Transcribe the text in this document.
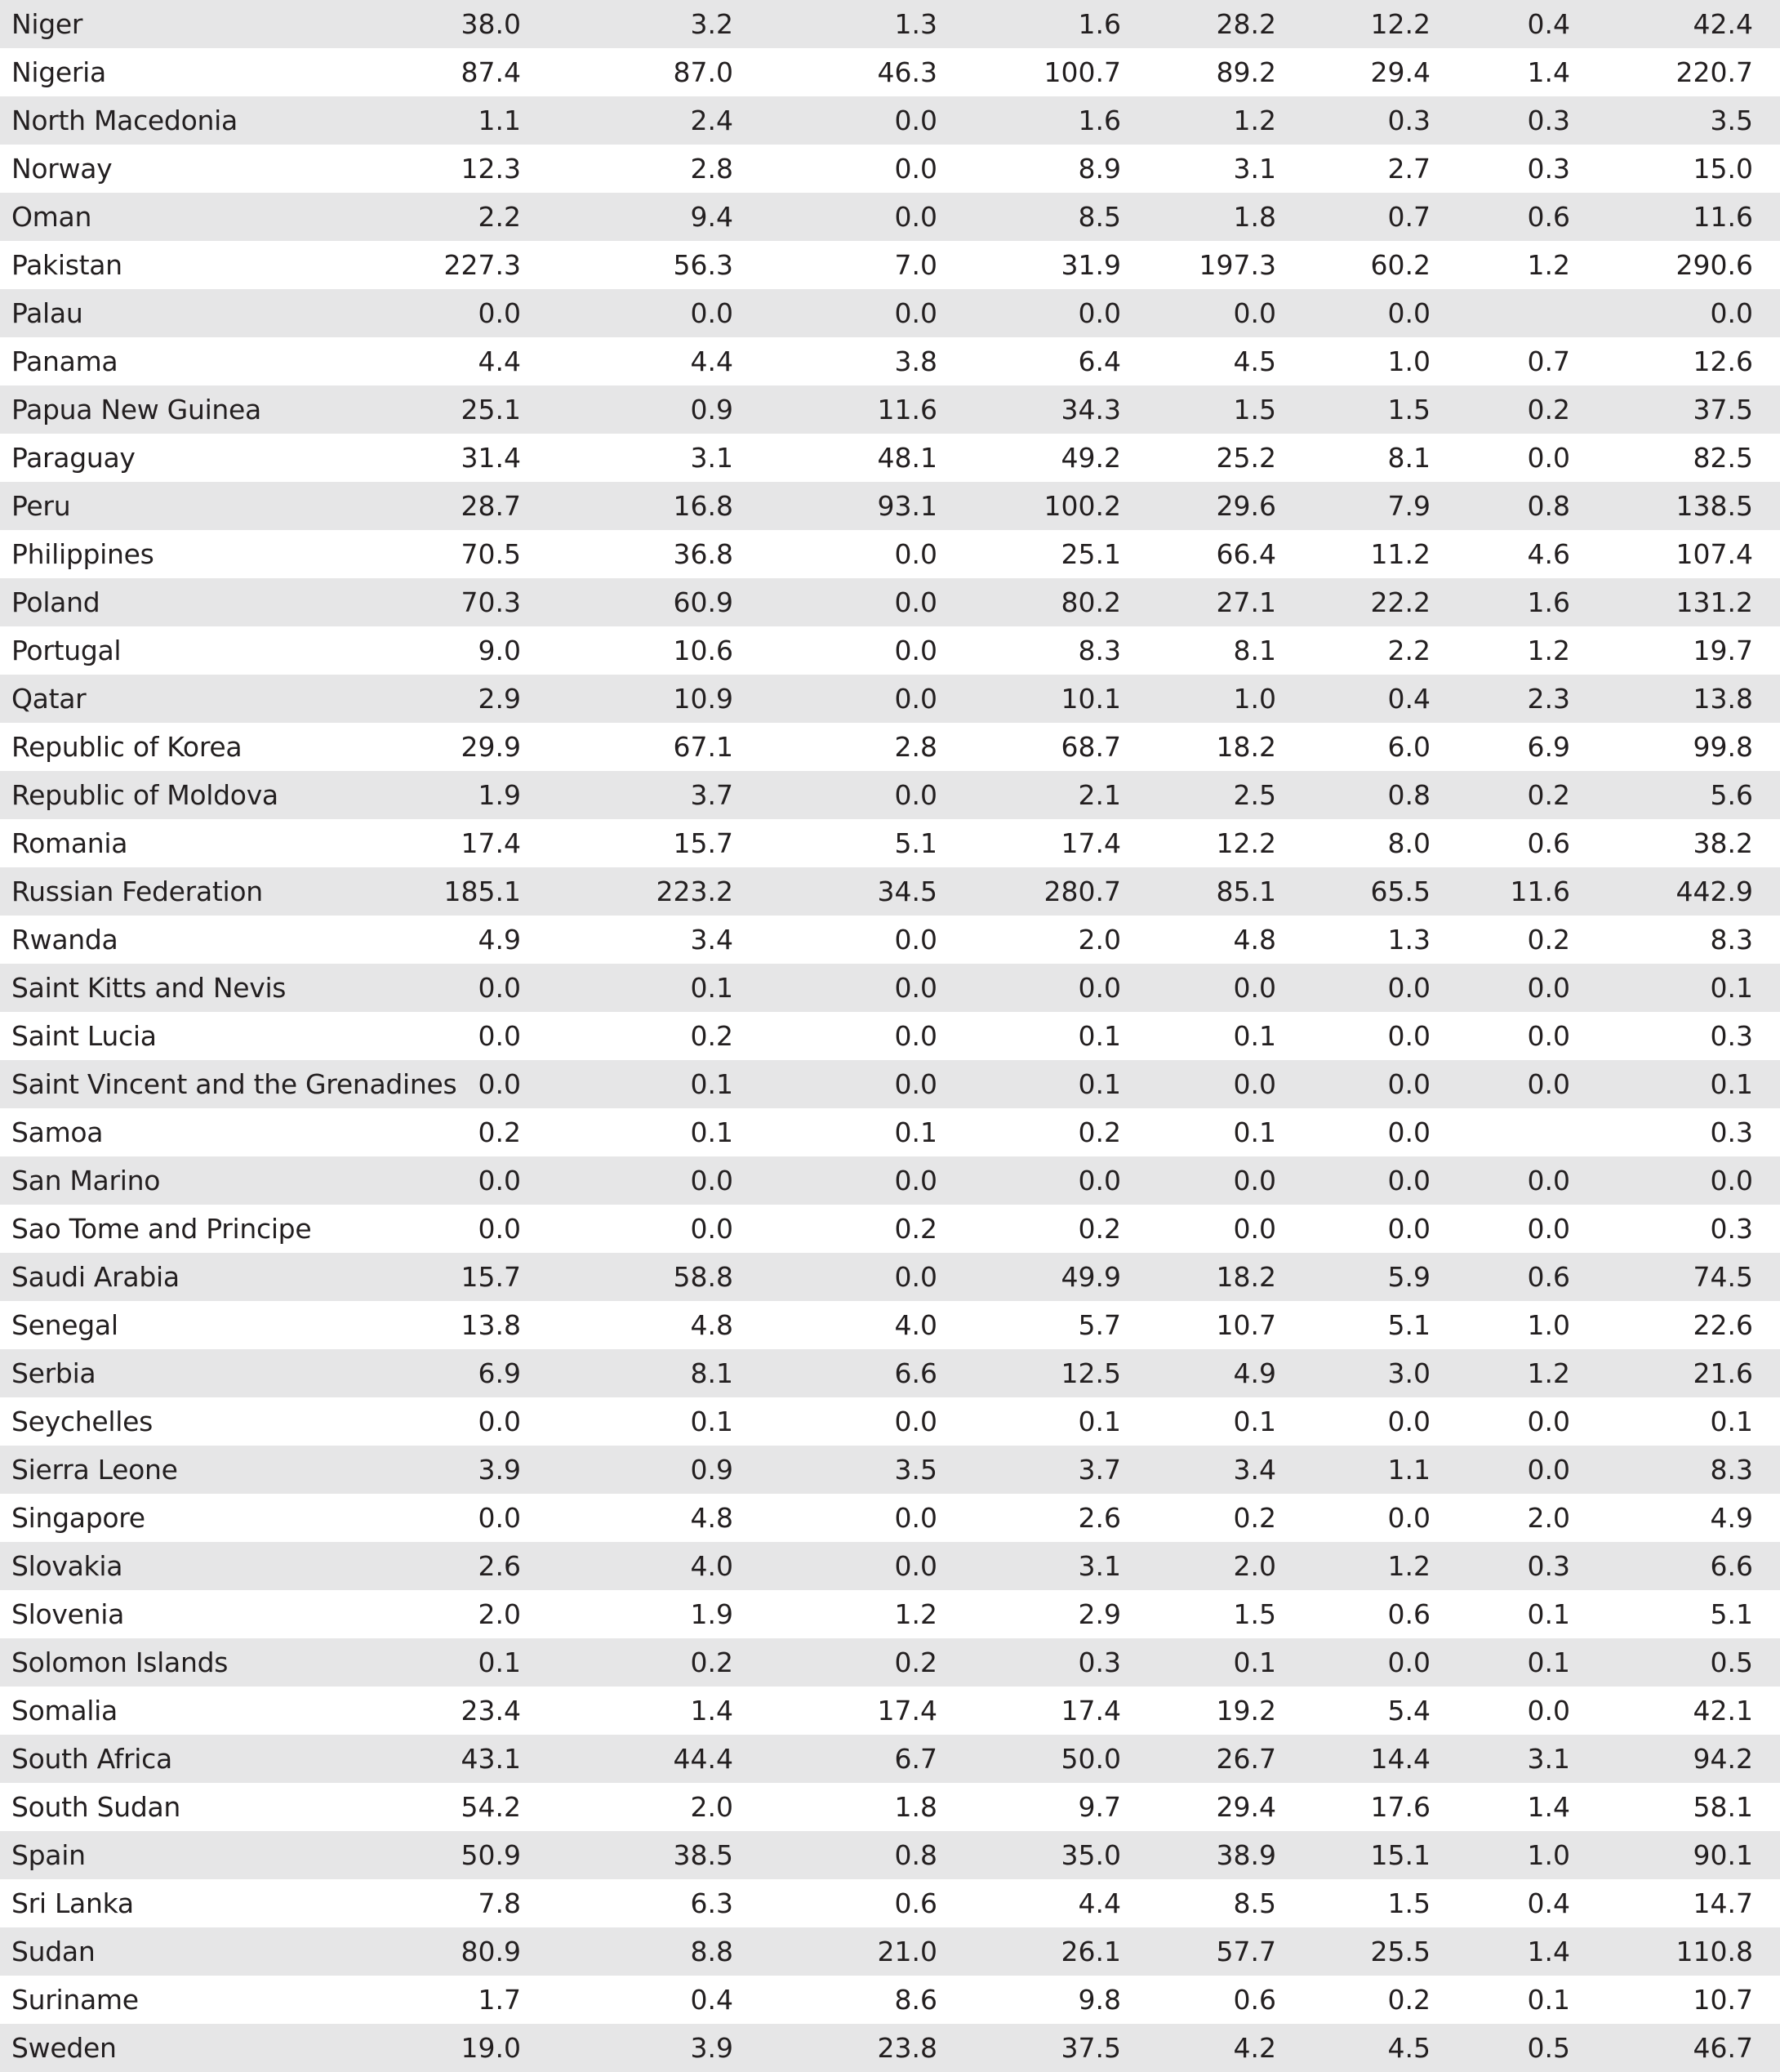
Niger	38.0	3.2	1.3	1.6	28.2	12.2	0.4	42.4
Nigeria	87.4	87.0	46.3	100.7	89.2	29.4	1.4	220.7
North Macedonia	1.1	2.4	0.0	1.6	1.2	0.3	0.3	3.5
Norway	12.3	2.8	0.0	8.9	3.1	2.7	0.3	15.0
Oman	2.2	9.4	0.0	8.5	1.8	0.7	0.6	11.6
Pakistan	227.3	56.3	7.0	31.9	197.3	60.2	1.2	290.6
Palau	0.0	0.0	0.0	0.0	0.0	0.0		0.0
Panama	4.4	4.4	3.8	6.4	4.5	1.0	0.7	12.6
Papua New Guinea	25.1	0.9	11.6	34.3	1.5	1.5	0.2	37.5
Paraguay	31.4	3.1	48.1	49.2	25.2	8.1	0.0	82.5
Peru	28.7	16.8	93.1	100.2	29.6	7.9	0.8	138.5
Philippines	70.5	36.8	0.0	25.1	66.4	11.2	4.6	107.4
Poland	70.3	60.9	0.0	80.2	27.1	22.2	1.6	131.2
Portugal	9.0	10.6	0.0	8.3	8.1	2.2	1.2	19.7
Qatar	2.9	10.9	0.0	10.1	1.0	0.4	2.3	13.8
Republic of Korea	29.9	67.1	2.8	68.7	18.2	6.0	6.9	99.8
Republic of Moldova	1.9	3.7	0.0	2.1	2.5	0.8	0.2	5.6
Romania	17.4	15.7	5.1	17.4	12.2	8.0	0.6	38.2
Russian Federation	185.1	223.2	34.5	280.7	85.1	65.5	11.6	442.9
Rwanda	4.9	3.4	0.0	2.0	4.8	1.3	0.2	8.3
Saint Kitts and Nevis	0.0	0.1	0.0	0.0	0.0	0.0	0.0	0.1
Saint Lucia	0.0	0.2	0.0	0.1	0.1	0.0	0.0	0.3
Saint Vincent and the Grenadines	0.0	0.1	0.0	0.1	0.0	0.0	0.0	0.1
Samoa	0.2	0.1	0.1	0.2	0.1	0.0		0.3
San Marino	0.0	0.0	0.0	0.0	0.0	0.0	0.0	0.0
Sao Tome and Principe	0.0	0.0	0.2	0.2	0.0	0.0	0.0	0.3
Saudi Arabia	15.7	58.8	0.0	49.9	18.2	5.9	0.6	74.5
Senegal	13.8	4.8	4.0	5.7	10.7	5.1	1.0	22.6
Serbia	6.9	8.1	6.6	12.5	4.9	3.0	1.2	21.6
Seychelles	0.0	0.1	0.0	0.1	0.1	0.0	0.0	0.1
Sierra Leone	3.9	0.9	3.5	3.7	3.4	1.1	0.0	8.3
Singapore	0.0	4.8	0.0	2.6	0.2	0.0	2.0	4.9
Slovakia	2.6	4.0	0.0	3.1	2.0	1.2	0.3	6.6
Slovenia	2.0	1.9	1.2	2.9	1.5	0.6	0.1	5.1
Solomon Islands	0.1	0.2	0.2	0.3	0.1	0.0	0.1	0.5
Somalia	23.4	1.4	17.4	17.4	19.2	5.4	0.0	42.1
South Africa	43.1	44.4	6.7	50.0	26.7	14.4	3.1	94.2
South Sudan	54.2	2.0	1.8	9.7	29.4	17.6	1.4	58.1
Spain	50.9	38.5	0.8	35.0	38.9	15.1	1.0	90.1
Sri Lanka	7.8	6.3	0.6	4.4	8.5	1.5	0.4	14.7
Sudan	80.9	8.8	21.0	26.1	57.7	25.5	1.4	110.8
Suriname	1.7	0.4	8.6	9.8	0.6	0.2	0.1	10.7
Sweden	19.0	3.9	23.8	37.5	4.2	4.5	0.5	46.7
